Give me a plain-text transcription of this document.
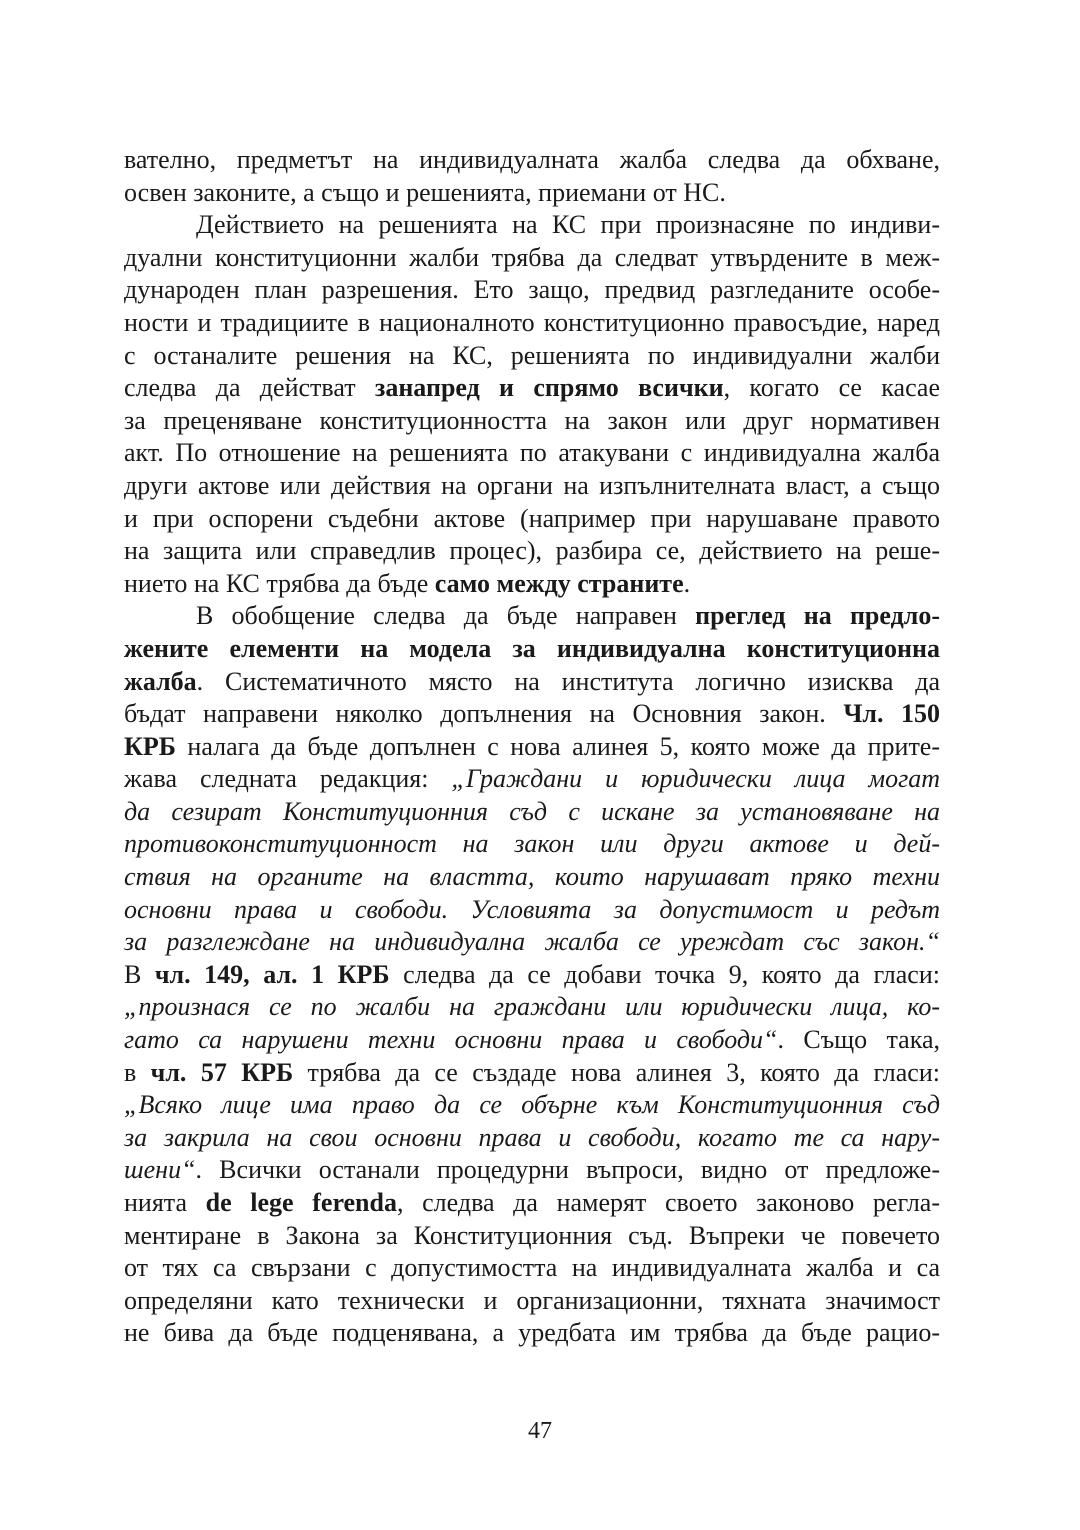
вателно, предметът на индивидуалната жалба следва да обхване,
освен законите, а също и решенията, приемани от НС.
Действието на решенията на КС при произнасяне по индиви-
дуални конституционни жалби трябва да следват утвърдените в меж-
дународен план разрешения. Ето защо, предвид разгледаните особе-
ности и традициите в националното конституционно правосъдие, наред
с останалите решения на КС, решенията по индивидуални жалби
следва да действат занапред и спрямо всички, когато се касае
за преценяване конституционността на закон или друг нормативен
акт. По отношение на решенията по атакувани с индивидуална жалба
други актове или действия на органи на изпълнителната власт, а също
и при оспорени съдебни актове (например при нарушаване правото
на защита или справедлив процес), разбира се, действието на реше-
нието на КС трябва да бъде само между страните.
В обобщение следва да бъде направен преглед на предло-
жените елементи на модела за индивидуална конституционна
жалба. Систематичното място на института логично изисква да
бъдат направени няколко допълнения на Основния закон. Чл. 150
КРБ налага да бъде допълнен с нова алинея 5, която може да прите-
жава следната редакция: „Граждани и юридически лица могат
да сезират Конституционния съд с искане за установяване на
противоконституционност на закон или други актове и дей-
ствия на органите на властта, които нарушават пряко техни
основни права и свободи. Условията за допустимост и редът
за разглеждане на индивидуална жалба се уреждат със закон.“
В чл. 149, ал. 1 КРБ следва да се добави точка 9, която да гласи:
„произнася се по жалби на граждани или юридически лица, ко-
гато са нарушени техни основни права и свободи“. Също така,
в чл. 57 КРБ трябва да се създаде нова алинея 3, която да гласи:
„Всяко лице има право да се обърне към Конституционния съд
за закрила на свои основни права и свободи, когато те са нару-
шени“. Всички останали процедурни въпроси, видно от предложе-
нията de lege ferenda, следва да намерят своето законово регла-
ментиране в Закона за Конституционния съд. Въпреки че повечето
от тях са свързани с допустимостта на индивидуалната жалба и са
определяни като технически и организационни, тяхната значимост
не бива да бъде подценявана, а уредбата им трябва да бъде рацио-
47
